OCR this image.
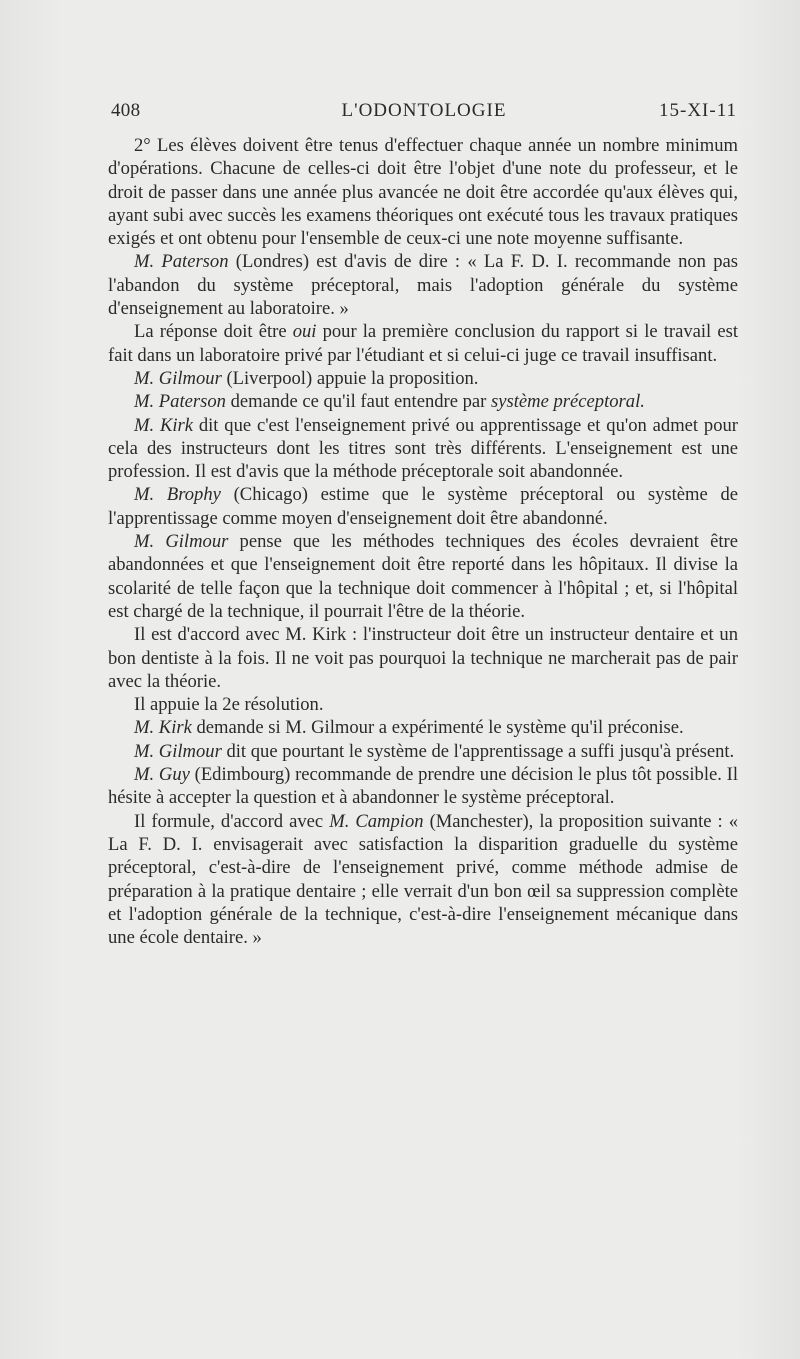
408	L'ODONTOLOGIE	15-XI-11

2° Les élèves doivent être tenus d'effectuer chaque année un nombre minimum d'opérations. Chacune de celles-ci doit être l'objet d'une note du professeur, et le droit de passer dans une année plus avancée ne doit être accordée qu'aux élèves qui, ayant subi avec succès les examens théoriques ont exécuté tous les travaux pratiques exigés et ont obtenu pour l'ensemble de ceux-ci une note moyenne suffisante.

M. Paterson (Londres) est d'avis de dire : « La F. D. I. recommande non pas l'abandon du système préceptoral, mais l'adoption générale du système d'enseignement au laboratoire. »

La réponse doit être oui pour la première conclusion du rapport si le travail est fait dans un laboratoire privé par l'étudiant et si celui-ci juge ce travail insuffisant.

M. Gilmour (Liverpool) appuie la proposition.

M. Paterson demande ce qu'il faut entendre par système préceptoral.

M. Kirk dit que c'est l'enseignement privé ou apprentissage et qu'on admet pour cela des instructeurs dont les titres sont très différents. L'enseignement est une profession. Il est d'avis que la méthode préceptorale soit abandonnée.

M. Brophy (Chicago) estime que le système préceptoral ou système de l'apprentissage comme moyen d'enseignement doit être abandonné.

M. Gilmour pense que les méthodes techniques des écoles devraient être abandonnées et que l'enseignement doit être reporté dans les hôpitaux. Il divise la scolarité de telle façon que la technique doit commencer à l'hôpital ; et, si l'hôpital est chargé de la technique, il pourrait l'être de la théorie.

Il est d'accord avec M. Kirk : l'instructeur doit être un instructeur dentaire et un bon dentiste à la fois. Il ne voit pas pourquoi la technique ne marcherait pas de pair avec la théorie.

Il appuie la 2e résolution.

M. Kirk demande si M. Gilmour a expérimenté le système qu'il préconise.

M. Gilmour dit que pourtant le système de l'apprentissage a suffi jusqu'à présent.

M. Guy (Edimbourg) recommande de prendre une décision le plus tôt possible. Il hésite à accepter la question et à abandonner le système préceptoral.

Il formule, d'accord avec M. Campion (Manchester), la proposition suivante : « La F. D. I. envisagerait avec satisfaction la disparition graduelle du système préceptoral, c'est-à-dire de l'enseignement privé, comme méthode admise de préparation à la pratique dentaire ; elle verrait d'un bon œil sa suppression complète et l'adoption générale de la technique, c'est-à-dire l'enseignement mécanique dans une école dentaire. »
